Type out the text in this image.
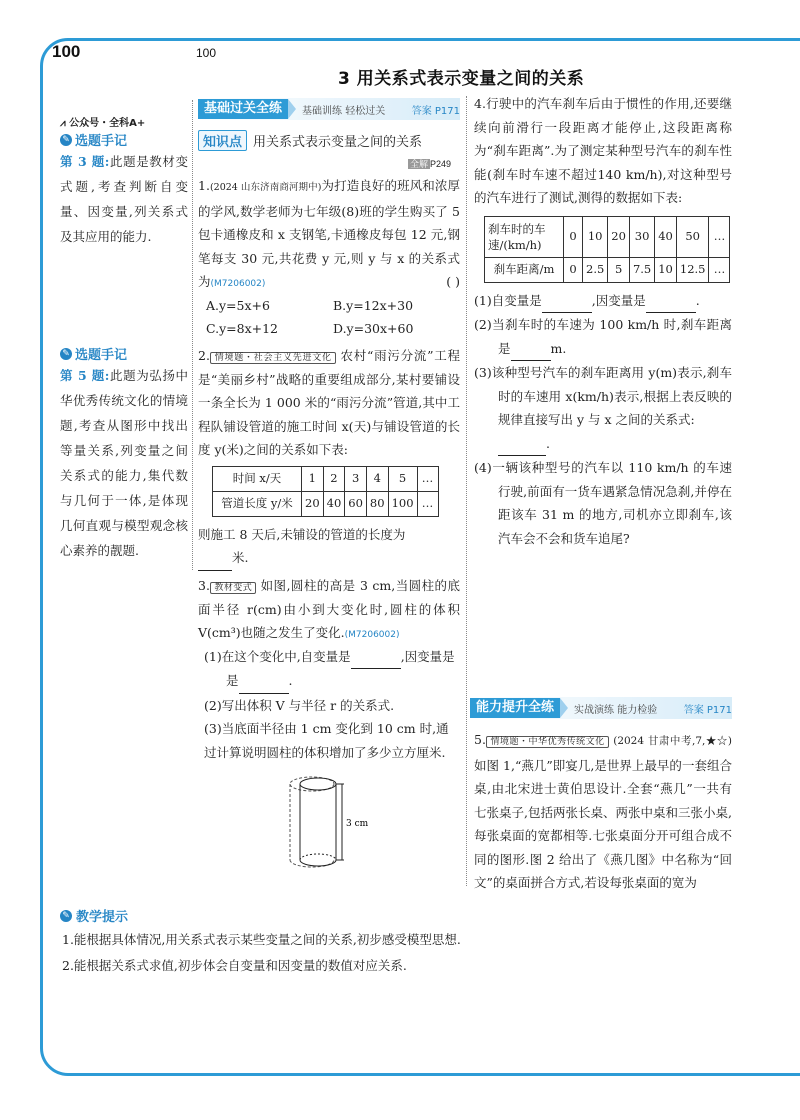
100	100
3 用关系式表示变量之间的关系
⩘ 公众号・全科A+
✎ 选题手记
第 3 题:此题是教材变式题,考查判断自变量、因变量,列关系式及其应用的能力.
✎ 选题手记
第 5 题:此题为弘扬中华优秀传统文化的情境题,考查从图形中找出等量关系,列变量之间关系式的能力,集代数与几何于一体,是体现几何直观与模型观念核心素养的靓题.
基础过关全练	基础训练 轻松过关	答案 P171
知识点 用关系式表示变量之间的关系
全解 P249

1.(2024 山东济南商河期中)为打造良好的班风和浓厚的学风,数学老师为七年级(8)班的学生购买了 5 包卡通橡皮和 x 支钢笔,卡通橡皮每包 12 元,钢笔每支 30 元,共花费 y 元,则 y 与 x 的关系式为(M7206002)	( )

A.y=5x+6	B.y=12x+30
C.y=8x+12	D.y=30x+60

2. 情境题・社会主义先进文化 农村“雨污分流”工程是“美丽乡村”战略的重要组成部分,某村要铺设一条全长为 1 000 米的“雨污分流”管道,其中工程队铺设管道的施工时间 x(天)与铺设管道的长度 y(米)之间的关系如下表:

时间 x/天	1	2	3	4	5	…
管道长度 y/米	20	40	60	80	100	…

则施工 8 天后,未铺设的管道的长度为
米.

3. 教材变式 如图,圆柱的高是 3 cm,当圆柱的底面半径 r(cm)由小到大变化时,圆柱的体积 V(cm³)也随之发生了变化.(M7206002)

(1)在这个变化中,自变量是	,因变量是
是	.

(2)写出体积 V 与半径 r 的关系式.

(3)当底面半径由 1 cm 变化到 10 cm 时,通过计算说明圆柱的体积增加了多少立方厘米.

3 cm

4.行驶中的汽车刹车后由于惯性的作用,还要继续向前滑行一段距离才能停止,这段距离称为“刹车距离”.为了测定某种型号汽车的刹车性能(刹车时车速不超过140 km/h),对这种型号的汽车进行了测试,测得的数据如下表:

刹车时的车
速/(km/h)	0	10	20	30	40	50	…
刹车距离/m	0	2.5	5	7.5	10	12.5	…

(1)自变量是	,因变量是	.

(2)当刹车时的车速为 100 km/h 时,刹车距离是	m.

(3)该种型号汽车的刹车距离用 y(m)表示,刹车时的车速用 x(km/h)表示,根据上表反映的规律直接写出 y 与 x 之间的关系式:
.

(4)一辆该种型号的汽车以 110 km/h 的车速行驶,前面有一货车遇紧急情况急刹,并停在距该车 31 m 的地方,司机亦立即刹车,该汽车会不会和货车追尾?

能力提升全练	实战演练 能力检验	答案 P171

5. 情境题・中华优秀传统文化 (2024 甘肃中考,7,★☆)如图 1,“燕几”即宴几,是世界上最早的一套组合桌,由北宋进士黄伯思设计.全套“燕几”一共有七张桌子,包括两张长桌、两张中桌和三张小桌,每张桌面的宽都相等.七张桌面分开可组合成不同的图形.图 2 给出了《燕几图》中名称为“回文”的桌面拼合方式,若设每张桌面的宽为

✎ 教学提示
1.能根据具体情况,用关系式表示某些变量之间的关系,初步感受模型思想.
2.能根据关系式求值,初步体会自变量和因变量的数值对应关系.
